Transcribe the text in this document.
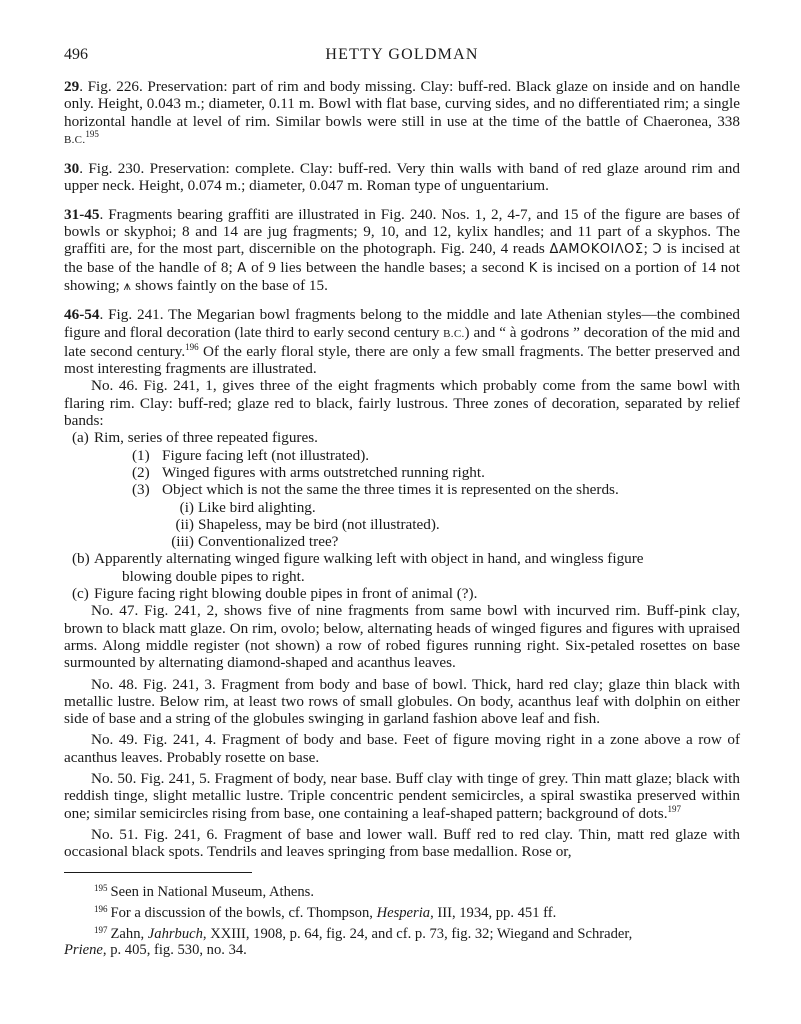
496	HETTY GOLDMAN

29. Fig. 226. Preservation: part of rim and body missing. Clay: buff-red. Black glaze on inside and on handle only. Height, 0.043 m.; diameter, 0.11 m. Bowl with flat base, curving sides, and no differentiated rim; a single horizontal handle at level of rim. Similar bowls were still in use at the time of the battle of Chaeronea, 338 B.C.$^{195}$

30. Fig. 230. Preservation: complete. Clay: buff-red. Very thin walls with band of red glaze around rim and upper neck. Height, 0.074 m.; diameter, 0.047 m. Roman type of unguentarium.

31-45. Fragments bearing graffiti are illustrated in Fig. 240. Nos. 1, 2, 4-7, and 15 of the figure are bases of bowls or skyphoi; 8 and 14 are jug fragments; 9, 10, and 12, kylix handles; and 11 part of a skyphos. The graffiti are, for the most part, discernible on the photograph. Fig. 240, 4 reads ΔΑΜΟΚΟΙΛΟΣ; Ɔ is incised at the base of the handle of 8; A of 9 lies between the handle bases; a second K is incised on a portion of 14 not showing; ⩚ shows faintly on the base of 15.

46-54. Fig. 241. The Megarian bowl fragments belong to the middle and late Athenian styles—the combined figure and floral decoration (late third to early second century B.C.) and “ à godrons ” decoration of the mid and late second century.$^{196}$ Of the early floral style, there are only a few small fragments. The better preserved and most interesting fragments are illustrated.

No. 46. Fig. 241, 1, gives three of the eight fragments which probably come from the same bowl with flaring rim. Clay: buff-red; glaze red to black, fairly lustrous. Three zones of decoration, separated by relief bands:

(a) Rim, series of three repeated figures.
(1) Figure facing left (not illustrated).
(2) Winged figures with arms outstretched running right.
(3) Object which is not the same the three times it is represented on the sherds.
(i) Like bird alighting.
(ii) Shapeless, may be bird (not illustrated).
(iii) Conventionalized tree?
(b) Apparently alternating winged figure walking left with object in hand, and wingless figure
blowing double pipes to right.
(c) Figure facing right blowing double pipes in front of animal (?).

No. 47. Fig. 241, 2, shows five of nine fragments from same bowl with incurved rim. Buff-pink clay, brown to black matt glaze. On rim, ovolo; below, alternating heads of winged figures and figures with upraised arms. Along middle register (not shown) a row of robed figures running right. Six-petaled rosettes on base surmounted by alternating diamond-shaped and acanthus leaves.

No. 48. Fig. 241, 3. Fragment from body and base of bowl. Thick, hard red clay; glaze thin black with metallic lustre. Below rim, at least two rows of small globules. On body, acanthus leaf with dolphin on either side of base and a string of the globules swinging in garland fashion above leaf and fish.

No. 49. Fig. 241, 4. Fragment of body and base. Feet of figure moving right in a zone above a row of acanthus leaves. Probably rosette on base.

No. 50. Fig. 241, 5. Fragment of body, near base. Buff clay with tinge of grey. Thin matt glaze; black with reddish tinge, slight metallic lustre. Triple concentric pendent semicircles, a spiral swastika preserved within one; similar semicircles rising from base, one containing a leaf-shaped pattern; background of dots.$^{197}$

No. 51. Fig. 241, 6. Fragment of base and lower wall. Buff red to red clay. Thin, matt red glaze with occasional black spots. Tendrils and leaves springing from base medallion. Rose or,

$^{195}$ Seen in National Museum, Athens.

$^{196}$ For a discussion of the bowls, cf. Thompson, Hesperia, III, 1934, pp. 451 ff.

$^{197}$ Zahn, Jahrbuch, XXIII, 1908, p. 64, fig. 24, and cf. p. 73, fig. 32; Wiegand and Schrader,

Priene, p. 405, fig. 530, no. 34.
